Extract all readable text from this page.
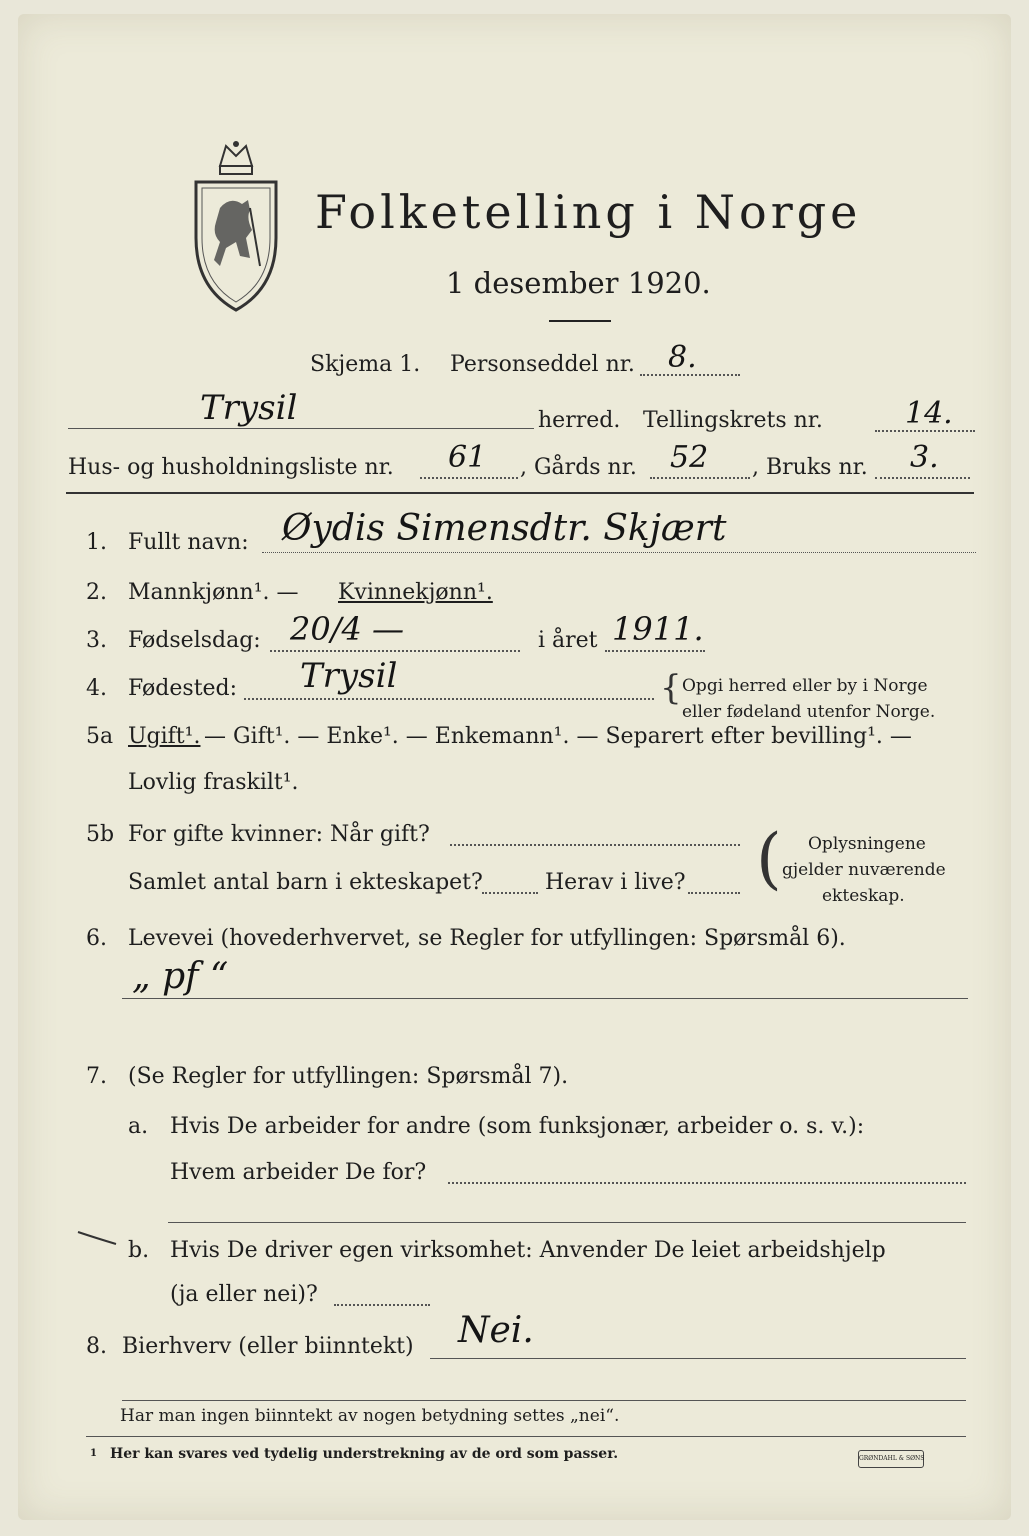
Folketelling i Norge
1 desember 1920.
Skjema 1. Personseddel nr. 8.
Trysil	herred. Tellingskrets nr.	14.
Hus- og husholdningsliste nr. 61 , Gårds nr. 52 , Bruks nr. 3.
1. Fullt navn: Øydis Simensdtr. Skjært
2. Mannkjønn¹. — Kvinnekjønn¹.
3. Fødselsdag: 20/4 —	i året 1911.
4. Fødested: Trysil	{ Opgi herred eller by i Norge
eller fødeland utenfor Norge.
5a Ugift¹. — Gift¹. — Enke¹. — Enkemann¹. — Separert efter bevilling¹. —
Lovlig fraskilt¹.
5b For gifte kvinner: Når gift?
Samlet antal barn i ekteskapet?	Herav i live? ( Oplysningene
gjelder nuværende
ekteskap.
6. Levevei (hovederhvervet, se Regler for utfyllingen: Spørsmål 6).
„ pf “
7. (Se Regler for utfyllingen: Spørsmål 7).
a. Hvis De arbeider for andre (som funksjonær, arbeider o. s. v.):
Hvem arbeider De for?
b. Hvis De driver egen virksomhet: Anvender De leiet arbeidshjelp
(ja eller nei)?
8. Bierhverv (eller biinntekt) Nei.
Har man ingen biinntekt av nogen betydning settes „nei“.
1 Her kan svares ved tydelig understrekning av de ord som passer.	GRØNDAHL & SØNS
